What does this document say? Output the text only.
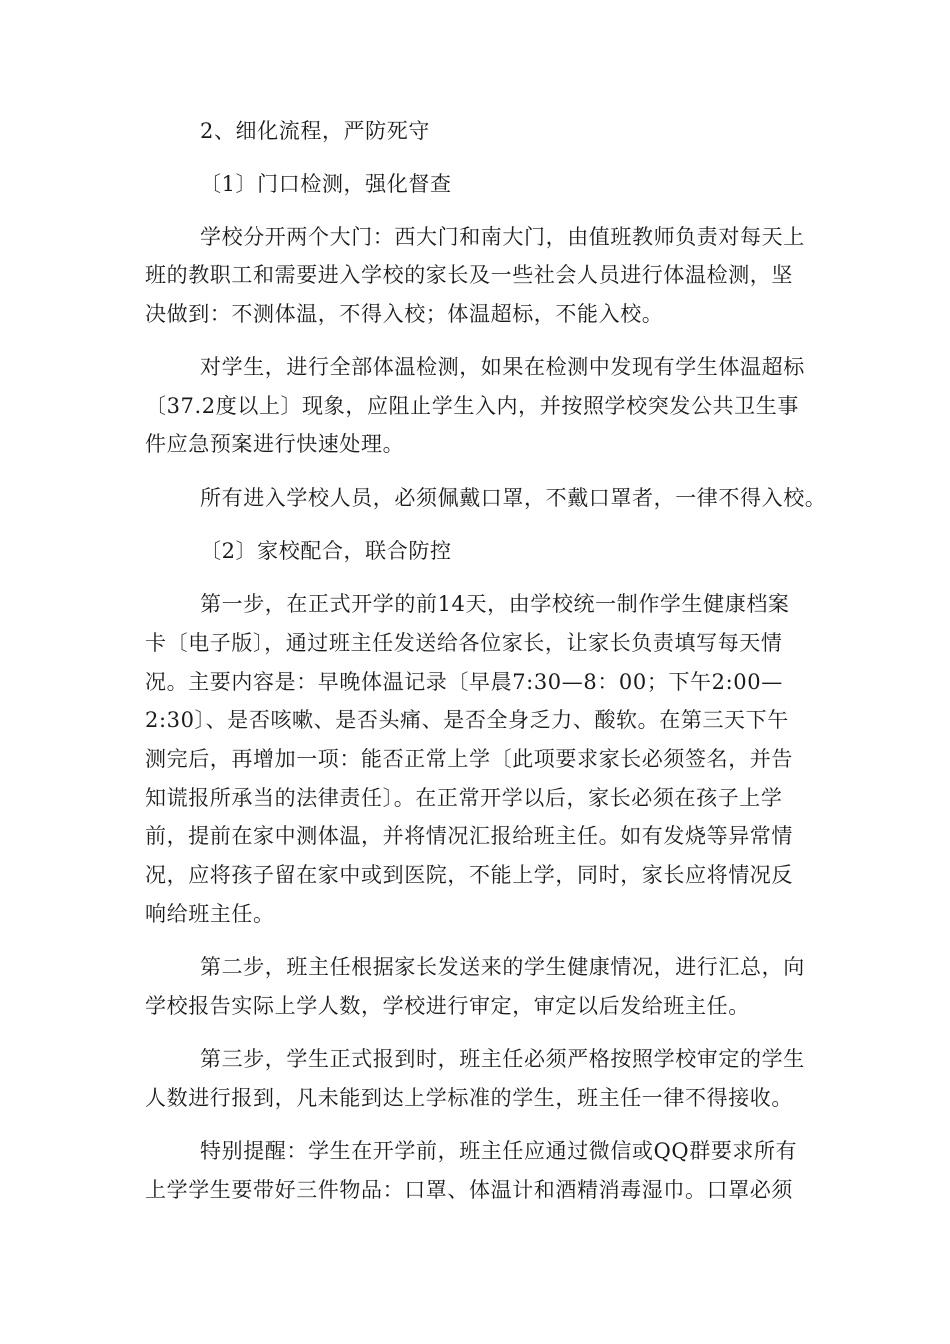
2、细化流程，严防死守
〔1〕门口检测，强化督查
学校分开两个大门：西大门和南大门，由值班教师负责对每天上
班的教职工和需要进入学校的家长及一些社会人员进行体温检测，坚
决做到：不测体温，不得入校；体温超标，不能入校。
对学生，进行全部体温检测，如果在检测中发现有学生体温超标
〔37.2度以上〕现象，应阻止学生入内，并按照学校突发公共卫生事
件应急预案进行快速处理。
所有进入学校人员，必须佩戴口罩，不戴口罩者，一律不得入校。
〔2〕家校配合，联合防控
第一步，在正式开学的前14天，由学校统一制作学生健康档案
卡〔电子版〕，通过班主任发送给各位家长，让家长负责填写每天情
况。主要内容是：早晚体温记录〔早晨7:30—8：00；下午2:00—
2:30〕、是否咳嗽、是否头痛、是否全身乏力、酸软。在第三天下午
测完后，再增加一项：能否正常上学〔此项要求家长必须签名，并告
知谎报所承当的法律责任〕。在正常开学以后，家长必须在孩子上学
前，提前在家中测体温，并将情况汇报给班主任。如有发烧等异常情
况，应将孩子留在家中或到医院，不能上学，同时，家长应将情况反
响给班主任。
第二步，班主任根据家长发送来的学生健康情况，进行汇总，向
学校报告实际上学人数，学校进行审定，审定以后发给班主任。
第三步，学生正式报到时，班主任必须严格按照学校审定的学生
人数进行报到，凡未能到达上学标准的学生，班主任一律不得接收。
特别提醒：学生在开学前，班主任应通过微信或QQ群要求所有
上学学生要带好三件物品：口罩、体温计和酒精消毒湿巾。口罩必须
